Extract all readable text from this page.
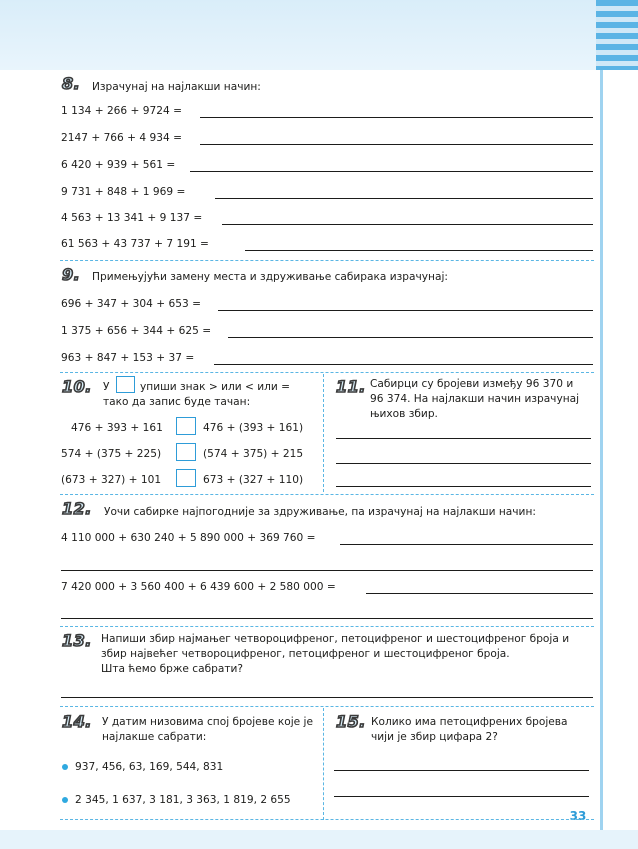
33
8. Израчунај на најлакши начин:
1 134 + 266 + 9724 =
2147 + 766 + 4 934 =
6 420 + 939 + 561 =
9 731 + 848 + 1 969 =
4 563 + 13 341 + 9 137 =
61 563 + 43 737 + 7 191 =
9. Примењујући замену места и здруживање сабирака израчунај:
696 + 347 + 304 + 653 =
1 375 + 656 + 344 + 625 =
963 + 847 + 153 + 37 =
10. У	упиши знак > или < или =
тако да запис буде тачан:
476 + 393 + 161	476 + (393 + 161)
574 + (375 + 225)	(574 + 375) + 215
(673 + 327) + 101	673 + (327 + 110)
11. Сабирци су бројеви између 96 370 и
96 374. На најлакши начин израчунај
њихов збир.
12. Уочи сабирке најпогодније за здруживање, па израчунај на најлакши начин:
4 110 000 + 630 240 + 5 890 000 + 369 760 =
7 420 000 + 3 560 400 + 6 439 600 + 2 580 000 =
13. Напиши збир најмањег четвороцифреног, петоцифреног и шестоцифреног броја и
збир највећег четвороцифреног, петоцифреног и шестоцифреног броја.
Шта ћемо брже сабрати?
14. У датим низовима спој бројеве које је
најлакше сабрати:
937, 456, 63, 169, 544, 831
2 345, 1 637, 3 181, 3 363, 1 819, 2 655
15. Колико има петоцифрених бројева
чији је збир цифара 2?
